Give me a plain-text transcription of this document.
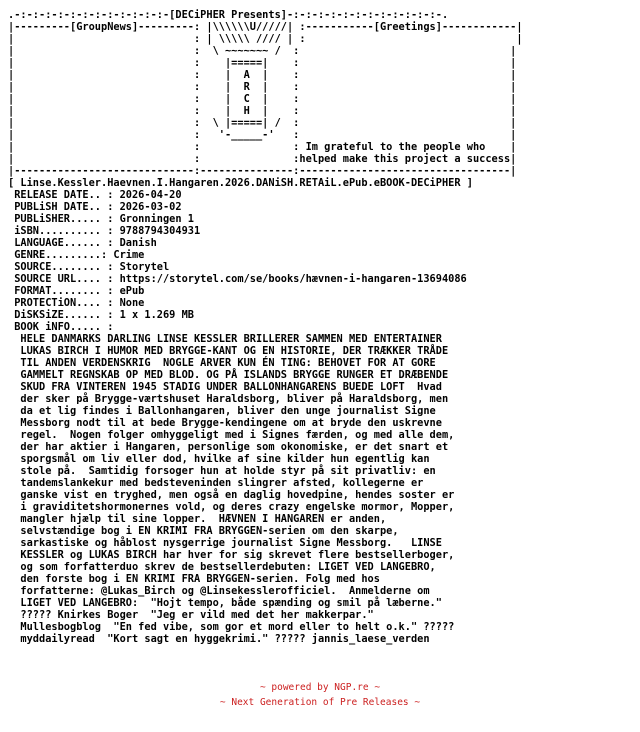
.-:-:-:-:-:-:-:-:-:-:-:-:-[DECiPHER Presents]-:-:-:-:-:-:-:-:-:-:-:-:-.
|---------[GroupNews]---------: |\\\\\\U/////| :-----------[Greetings]------------|
|                             : | \\\\\ //// | :                                  |
|                             :  \ ~~~~~~~ /  :                                  |
|                             :    |=====|    :                                  |
|                             :    |  A  |    :                                  |
|                             :    |  R  |    :                                  |
|                             :    |  C  |    :                                  |
|                             :    |  H  |    :                                  |
|                             :  \ |=====| /  :                                  |
|                             :   '-_____-'   :                                  |
|                             :               : Im grateful to the people who    |
|                             :               :helped make this project a success|
|-----------------------------:---------------:----------------------------------|
[ Linse.Kessler.Haevnen.I.Hangaren.2026.DANiSH.RETAiL.ePub.eBOOK-DECiPHER ]
RELEASE DATE.. : 2026-04-20
PUBLiSH DATE.. : 2026-03-02
PUBLiSHER..... : Gronningen 1
iSBN.......... : 9788794304931
LANGUAGE...... : Danish
GENRE.........: Crime
SOURCE........ : Storytel
SOURCE URL.... : https://storytel.com/se/books/hævnen-i-hangaren-13694086
FORMAT........ : ePub
PROTECTiON.... : None
DiSKSiZE...... : 1 x 1.269 MB
BOOK iNFO..... :
HELE DANMARKS DARLING LINSE KESSLER BRILLERER SAMMEN MED ENTERTAINER
LUKAS BIRCH I HUMOR MED BRYGGE-KANT OG EN HISTORIE, DER TRÆKKER TRÅDE
TIL ANDEN VERDENSKRIG  NOGLE ARVER KUN ÉN TING: BEHOVET FOR AT GORE
GAMMELT REGNSKAB OP MED BLOD. OG PÅ ISLANDS BRYGGE RUNGER ET DRÆBENDE
SKUD FRA VINTEREN 1945 STADIG UNDER BALLONHANGARENS BUEDE LOFT  Hvad
der sker på Brygge-værtshuset Haraldsborg, bliver på Haraldsborg, men
da et lig findes i Ballonhangaren, bliver den unge journalist Signe
Messborg nodt til at bede Brygge-kendingene om at bryde den uskrevne
regel.  Nogen folger omhyggeligt med i Signes færden, og med alle dem,
der har aktier i Hangaren, personlige som okonomiske, er det snart et
sporgsmål om liv eller dod, hvilke af sine kilder hun egentlig kan
stole på.  Samtidig forsoger hun at holde styr på sit privatliv: en
tandemslankekur med bedsteveninden slingrer afsted, kollegerne er
ganske vist en tryghed, men også en daglig hovedpine, hendes soster er
i graviditetshormonernes vold, og deres crazy engelske mormor, Mopper,
mangler hjælp til sine lopper.  HÆVNEN I HANGAREN er anden,
selvstændige bog i EN KRIMI FRA BRYGGEN-serien om den skarpe,
sarkastiske og håblost nysgerrige journalist Signe Messborg.   LINSE
KESSLER og LUKAS BIRCH har hver for sig skrevet flere bestsellerboger,
og som forfatterduo skrev de bestsellerdebuten: LIGET VED LANGEBRO,
den forste bog i EN KRIMI FRA BRYGGEN-serien. Folg med hos
forfatterne: @Lukas_Birch og @Linsekesslerofficiel.  Anmelderne om
LIGET VED LANGEBRO:  "Hojt tempo, både spænding og smil på læberne."
????? Knirkes Boger  "Jeg er vild med det her makkerpar."
Mullesbogblog  "En fed vibe, som gor et mord eller to helt o.k." ?????
myddailyread  "Kort sagt en hyggekrimi." ????? jannis_laese_verden

~ powered by NGP.re ~
~ Next Generation of Pre Releases ~
